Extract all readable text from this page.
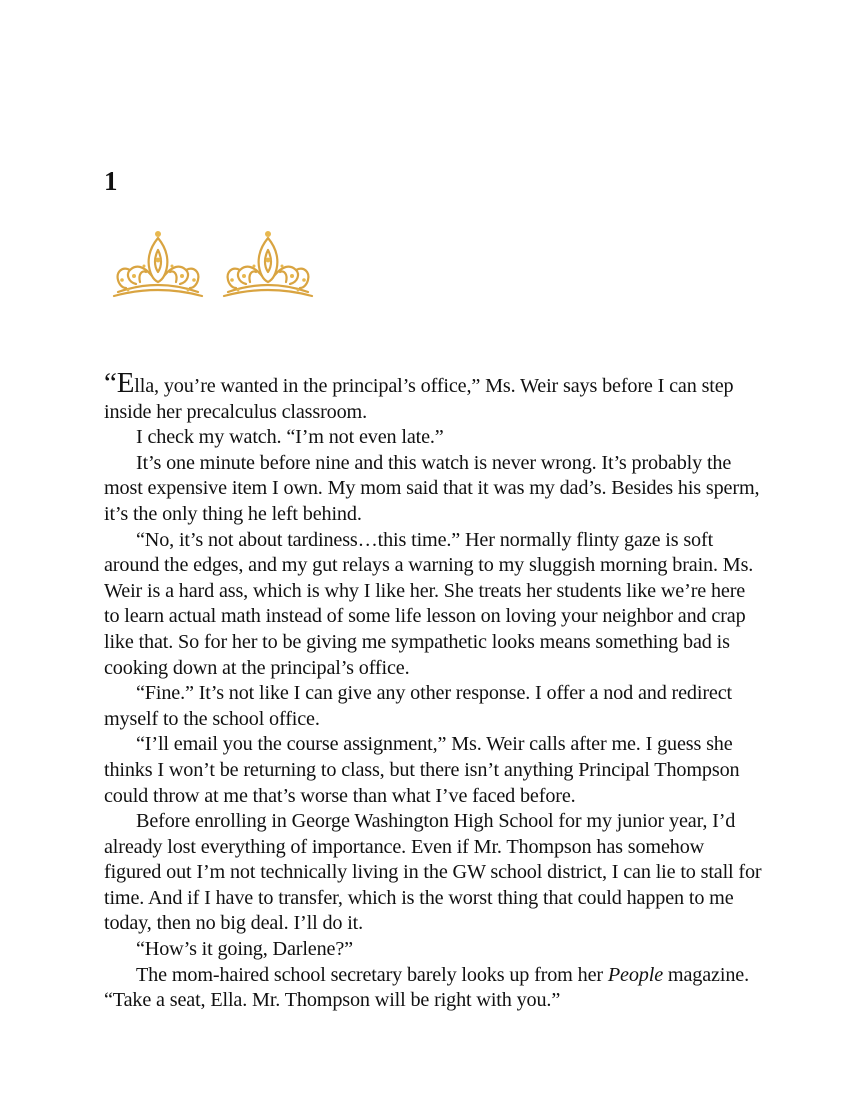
1

“Ella, you’re wanted in the principal’s office,” Ms. Weir says before I can step inside her precalculus classroom.

I check my watch. “I’m not even late.”

It’s one minute before nine and this watch is never wrong. It’s probably the most expensive item I own. My mom said that it was my dad’s. Besides his sperm, it’s the only thing he left behind.

“No, it’s not about tardiness…this time.” Her normally flinty gaze is soft around the edges, and my gut relays a warning to my sluggish morning brain. Ms. Weir is a hard ass, which is why I like her. She treats her students like we’re here to learn actual math instead of some life lesson on loving your neighbor and crap like that. So for her to be giving me sympathetic looks means something bad is cooking down at the principal’s office.

“Fine.” It’s not like I can give any other response. I offer a nod and redirect myself to the school office.

“I’ll email you the course assignment,” Ms. Weir calls after me. I guess she thinks I won’t be returning to class, but there isn’t anything Principal Thompson could throw at me that’s worse than what I’ve faced before.

Before enrolling in George Washington High School for my junior year, I’d already lost everything of importance. Even if Mr. Thompson has somehow figured out I’m not technically living in the GW school district, I can lie to stall for time. And if I have to transfer, which is the worst thing that could happen to me today, then no big deal. I’ll do it.

“How’s it going, Darlene?”

The mom-haired school secretary barely looks up from her People magazine. “Take a seat, Ella. Mr. Thompson will be right with you.”
